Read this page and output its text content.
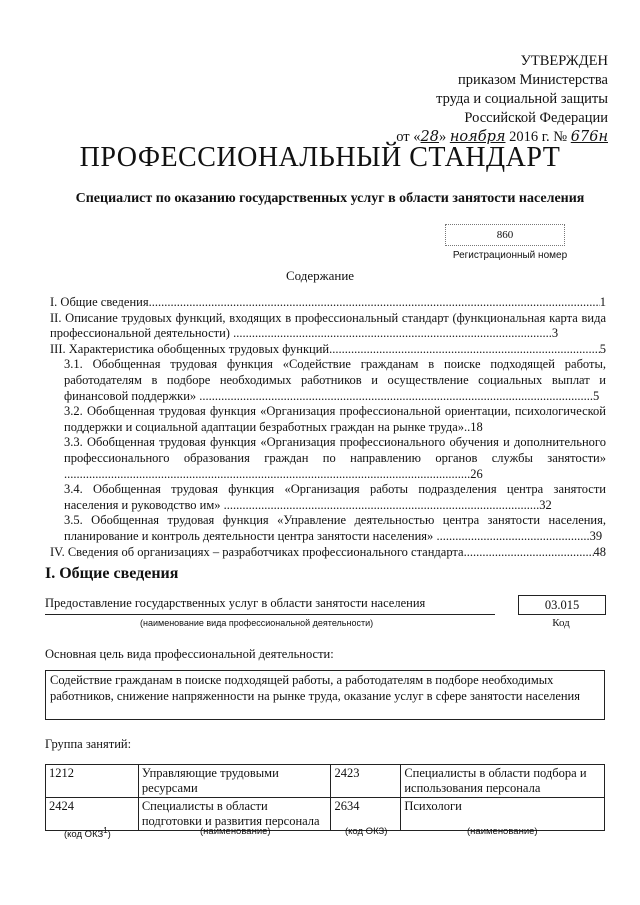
УТВЕРЖДЕН
приказом Министерства
труда и социальной защиты
Российской Федерации
от «28» ноября 2016 г. № 676н
ПРОФЕССИОНАЛЬНЫЙ СТАНДАРТ
Специалист по оказанию государственных услуг в области занятости населения
860
Регистрационный номер
Содержание
I. Общие сведения .....	1
II. Описание трудовых функций, входящих в профессиональный стандарт (функциональная карта вида профессиональной деятельности) ......................................................................................................3
III. Характеристика обобщенных трудовых функций .....	5
3.1. Обобщенная трудовая функция «Содействие гражданам в поиске подходящей работы, работодателям в подборе необходимых работников и осуществление социальных выплат и финансовой поддержки» ..............................................................................................................................5
3.2. Обобщенная трудовая функция «Организация профессиональной ориентации, психологической поддержки и социальной адаптации безработных граждан на рынке труда»..18
3.3. Обобщенная трудовая функция «Организация профессионального обучения и дополнительного профессионального образования граждан по направлению органов службы занятости» ..................................................................................................................................26
3.4. Обобщенная трудовая функция «Организация работы подразделения центра занятости населения и руководство им» .....................................................................................................32
3.5. Обобщенная трудовая функция «Управление деятельностью центра занятости населения, планирование и контроль деятельности центра занятости населения» .................................................39
IV. Сведения об организациях – разработчиках профессионального стандарта .....	48
I. Общие сведения
Предоставление государственных услуг в области занятости населения
(наименование вида профессиональной деятельности)
03.015
Код
Основная цель вида профессиональной деятельности:
Содействие гражданам в поиске подходящей работы, а работодателям в подборе необходимых работников, снижение напряженности на рынке труда, оказание услуг в сфере занятости населения
Группа занятий:
1212	Управляющие трудовыми ресурсами	2423	Специалисты в области подбора и использования персонала
2424	Специалисты в области подготовки и развития персонала	2634	Психологи
(код ОКЗ$^1$)	(наименование)	(код ОКЗ)	(наименование)
